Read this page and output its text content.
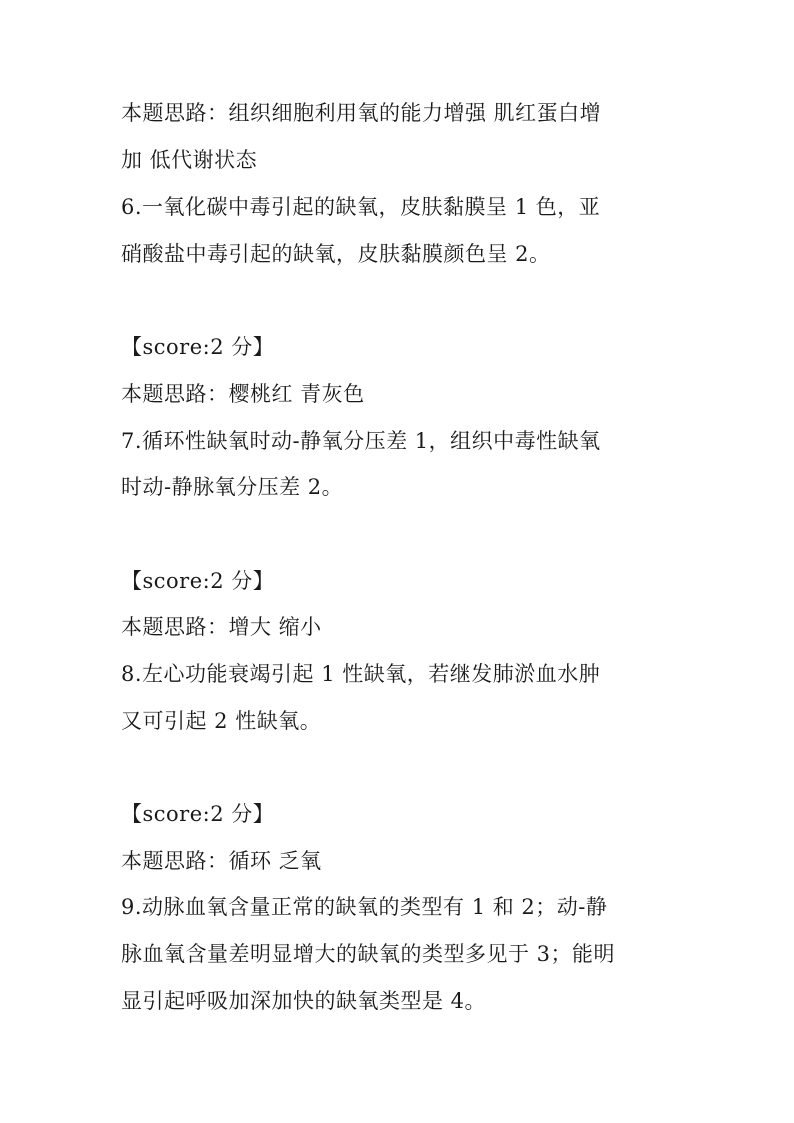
本题思路：组织细胞利用氧的能力增强 肌红蛋白增
加 低代谢状态
6.一氧化碳中毒引起的缺氧，皮肤黏膜呈 1 色，亚
硝酸盐中毒引起的缺氧，皮肤黏膜颜色呈 2。
【score:2 分】
本题思路：樱桃红 青灰色
7.循环性缺氧时动-静氧分压差 1，组织中毒性缺氧
时动-静脉氧分压差 2。
【score:2 分】
本题思路：增大 缩小
8.左心功能衰竭引起 1 性缺氧，若继发肺淤血水肿
又可引起 2 性缺氧。
【score:2 分】
本题思路：循环 乏氧
9.动脉血氧含量正常的缺氧的类型有 1 和 2；动-静
脉血氧含量差明显增大的缺氧的类型多见于 3；能明
显引起呼吸加深加快的缺氧类型是 4。
